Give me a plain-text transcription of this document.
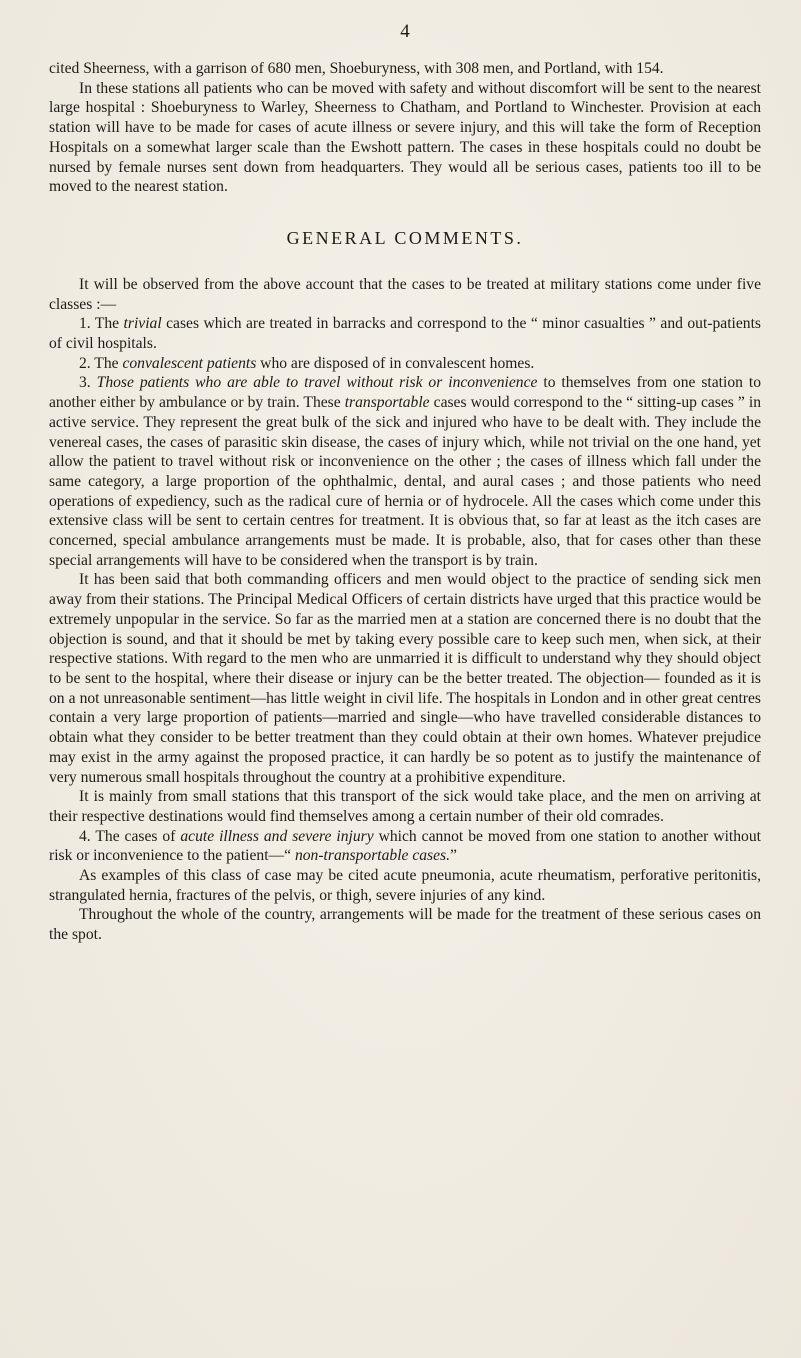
4

cited Sheerness, with a garrison of 680 men, Shoeburyness, with 308 men, and Portland, with 154.

In these stations all patients who can be moved with safety and without discomfort will be sent to the nearest large hospital : Shoeburyness to Warley, Sheerness to Chatham, and Portland to Winchester. Provision at each station will have to be made for cases of acute illness or severe injury, and this will take the form of Reception Hospitals on a somewhat larger scale than the Ewshott pattern. The cases in these hospitals could no doubt be nursed by female nurses sent down from headquarters. They would all be serious cases, patients too ill to be moved to the nearest station.

GENERAL COMMENTS.

It will be observed from the above account that the cases to be treated at military stations come under five classes :—

1. The trivial cases which are treated in barracks and correspond to the “ minor casualties ” and out-patients of civil hospitals.

2. The convalescent patients who are disposed of in convalescent homes.

3. Those patients who are able to travel without risk or inconvenience to themselves from one station to another either by ambulance or by train. These transportable cases would correspond to the “ sitting-up cases ” in active service. They represent the great bulk of the sick and injured who have to be dealt with. They include the venereal cases, the cases of parasitic skin disease, the cases of injury which, while not trivial on the one hand, yet allow the patient to travel without risk or inconvenience on the other ; the cases of illness which fall under the same category, a large proportion of the ophthalmic, dental, and aural cases ; and those patients who need operations of expediency, such as the radical cure of hernia or of hydrocele. All the cases which come under this extensive class will be sent to certain centres for treatment. It is obvious that, so far at least as the itch cases are concerned, special ambulance arrangements must be made. It is probable, also, that for cases other than these special arrangements will have to be considered when the transport is by train.

It has been said that both commanding officers and men would object to the practice of sending sick men away from their stations. The Principal Medical Officers of certain districts have urged that this practice would be extremely unpopular in the service. So far as the married men at a station are concerned there is no doubt that the objection is sound, and that it should be met by taking every possible care to keep such men, when sick, at their respective stations. With regard to the men who are unmarried it is difficult to understand why they should object to be sent to the hospital, where their disease or injury can be the better treated. The objection— founded as it is on a not unreasonable sentiment—has little weight in civil life. The hospitals in London and in other great centres contain a very large proportion of patients—married and single—who have travelled considerable distances to obtain what they consider to be better treatment than they could obtain at their own homes. Whatever prejudice may exist in the army against the proposed practice, it can hardly be so potent as to justify the maintenance of very numerous small hospitals throughout the country at a prohibitive expenditure.

It is mainly from small stations that this transport of the sick would take place, and the men on arriving at their respective destinations would find themselves among a certain number of their old comrades.

4. The cases of acute illness and severe injury which cannot be moved from one station to another without risk or inconvenience to the patient—“ non-transportable cases.”

As examples of this class of case may be cited acute pneumonia, acute rheumatism, perforative peritonitis, strangulated hernia, fractures of the pelvis, or thigh, severe injuries of any kind.

Throughout the whole of the country, arrangements will be made for the treatment of these serious cases on the spot.
